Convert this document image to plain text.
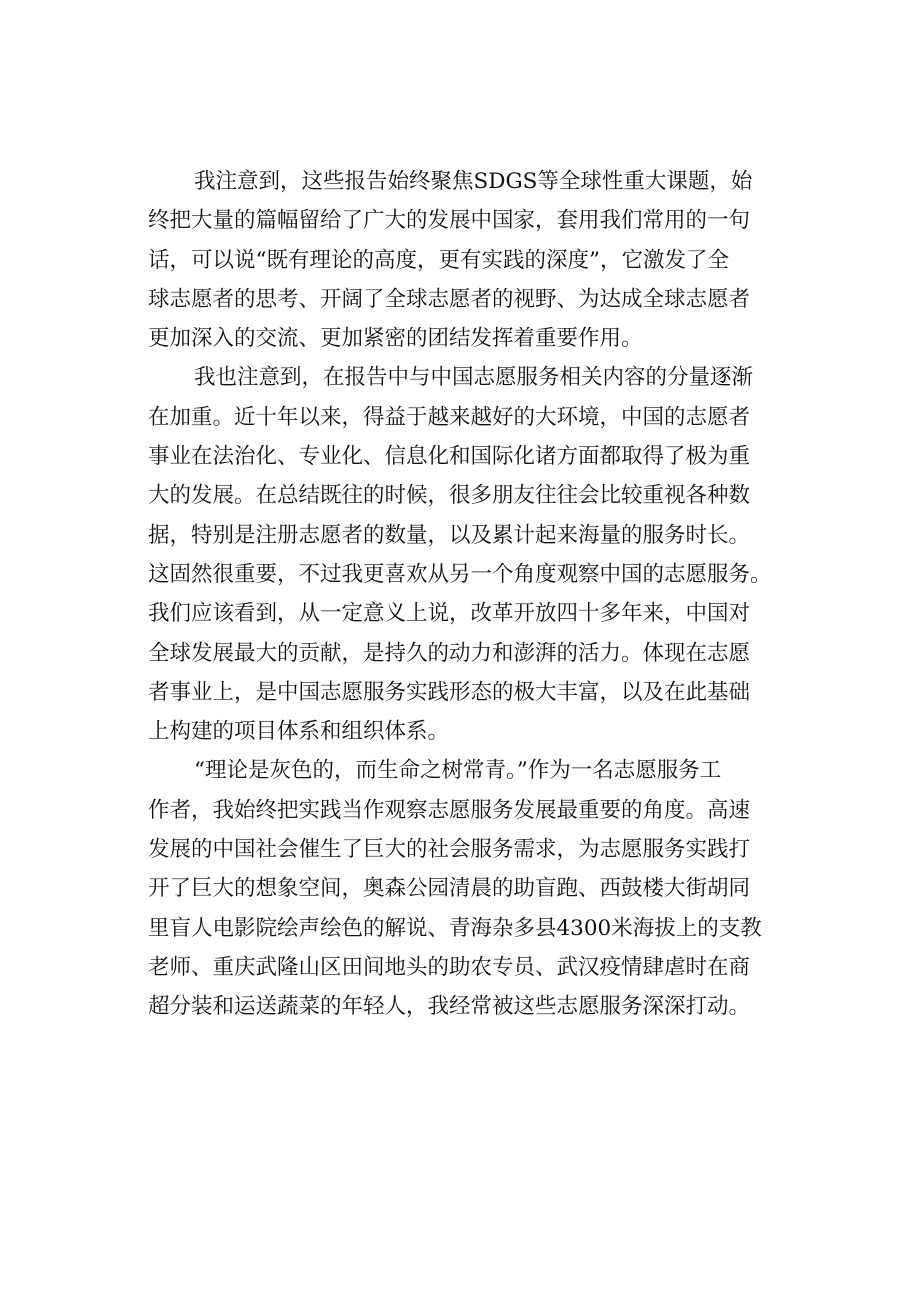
我注意到，这些报告始终聚焦SDGS等全球性重大课题，始
终把大量的篇幅留给了广大的发展中国家，套用我们常用的一句
话，可以说“既有理论的高度，更有实践的深度”，它激发了全
球志愿者的思考、开阔了全球志愿者的视野、为达成全球志愿者
更加深入的交流、更加紧密的团结发挥着重要作用。
我也注意到，在报告中与中国志愿服务相关内容的分量逐渐
在加重。近十年以来，得益于越来越好的大环境，中国的志愿者
事业在法治化、专业化、信息化和国际化诸方面都取得了极为重
大的发展。在总结既往的时候，很多朋友往往会比较重视各种数
据，特别是注册志愿者的数量，以及累计起来海量的服务时长。
这固然很重要，不过我更喜欢从另一个角度观察中国的志愿服务。
我们应该看到，从一定意义上说，改革开放四十多年来，中国对
全球发展最大的贡献，是持久的动力和澎湃的活力。体现在志愿
者事业上，是中国志愿服务实践形态的极大丰富，以及在此基础
上构建的项目体系和组织体系。
“理论是灰色的，而生命之树常青。”作为一名志愿服务工
作者，我始终把实践当作观察志愿服务发展最重要的角度。高速
发展的中国社会催生了巨大的社会服务需求，为志愿服务实践打
开了巨大的想象空间，奥森公园清晨的助盲跑、西鼓楼大街胡同
里盲人电影院绘声绘色的解说、青海杂多县4300米海拔上的支教
老师、重庆武隆山区田间地头的助农专员、武汉疫情肆虐时在商
超分装和运送蔬菜的年轻人，我经常被这些志愿服务深深打动。
